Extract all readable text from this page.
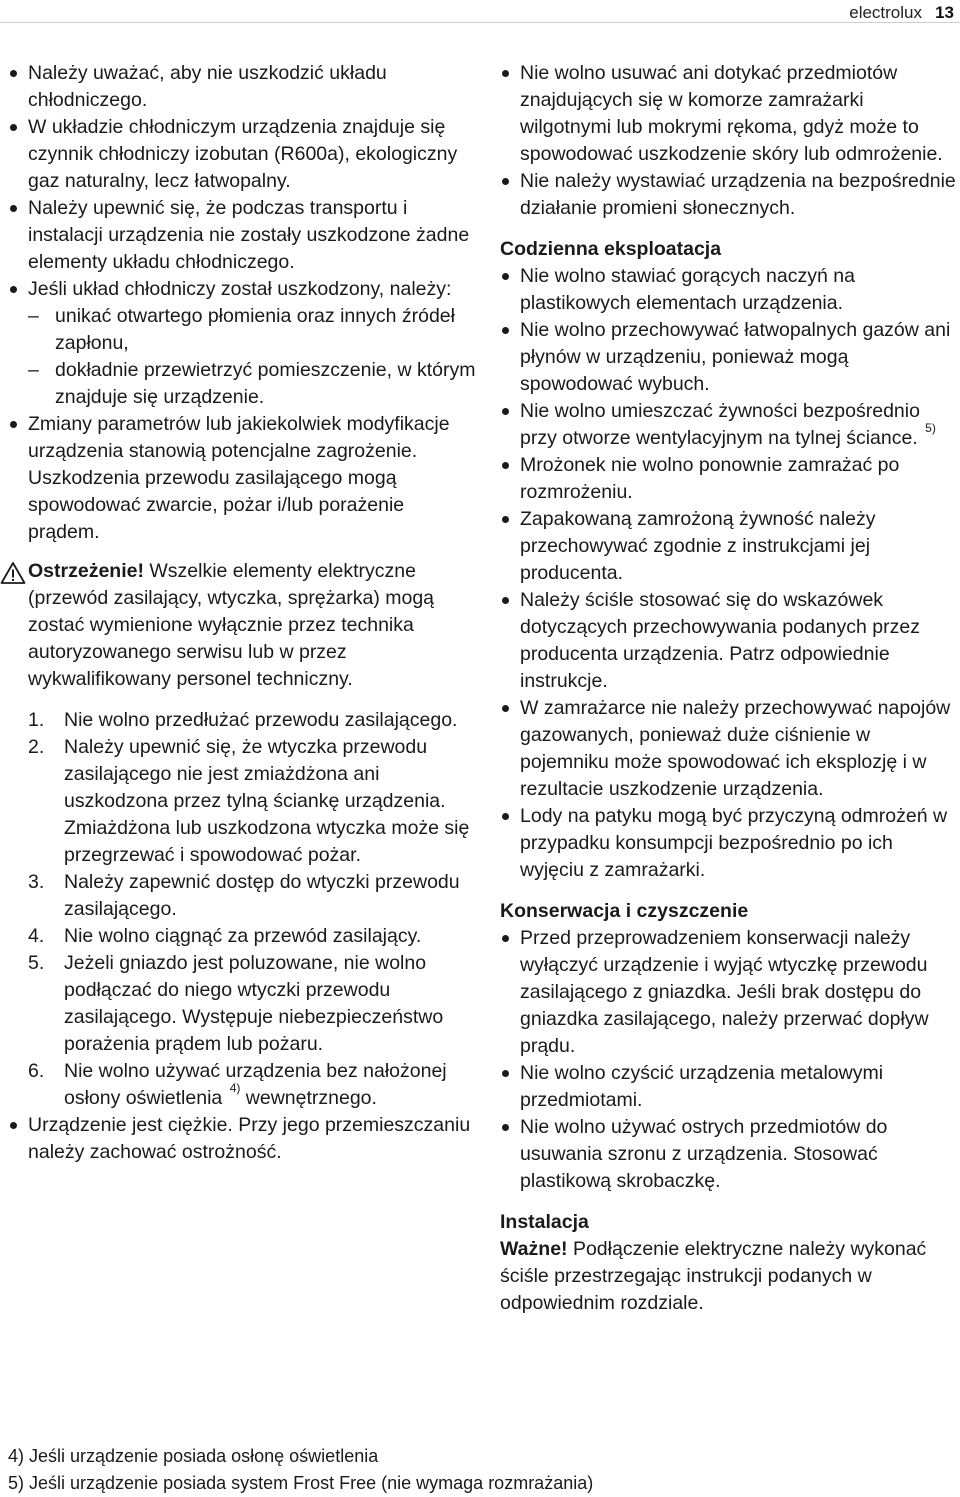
electrolux 13
Należy uważać, aby nie uszkodzić układu chłodniczego.
W układzie chłodniczym urządzenia znajduje się czynnik chłodniczy izobutan (R600a), ekologiczny gaz naturalny, lecz łatwopalny.
Należy upewnić się, że podczas transportu i instalacji urządzenia nie zostały uszkodzone żadne elementy układu chłodniczego.
Jeśli układ chłodniczy został uszkodzony, należy:
– unikać otwartego płomienia oraz innych źródeł zapłonu,
– dokładnie przewietrzyć pomieszczenie, w którym znajduje się urządzenie.
Zmiany parametrów lub jakiekolwiek modyfikacje urządzenia stanowią potencjalne zagrożenie. Uszkodzenia przewodu zasilającego mogą spowodować zwarcie, pożar i/lub porażenie prądem.

Ostrzeżenie! Wszelkie elementy elektryczne (przewód zasilający, wtyczka, sprężarka) mogą zostać wymienione wyłącznie przez technika autoryzowanego serwisu lub w przez wykwalifikowany personel techniczny.

1. Nie wolno przedłużać przewodu zasilającego.
2. Należy upewnić się, że wtyczka przewodu zasilającego nie jest zmiażdżona ani uszkodzona przez tylną ściankę urządzenia. Zmiażdżona lub uszkodzona wtyczka może się przegrzewać i spowodować pożar.
3. Należy zapewnić dostęp do wtyczki przewodu zasilającego.
4. Nie wolno ciągnąć za przewód zasilający.
5. Jeżeli gniazdo jest poluzowane, nie wolno podłączać do niego wtyczki przewodu zasilającego. Występuje niebezpieczeństwo porażenia prądem lub pożaru.
6. Nie wolno używać urządzenia bez nałożonej osłony oświetlenia $^{4)}$ wewnętrznego.
Urządzenie jest ciężkie. Przy jego przemieszczaniu należy zachować ostrożność.
Nie wolno usuwać ani dotykać przedmiotów znajdujących się w komorze zamrażarki wilgotnymi lub mokrymi rękoma, gdyż może to spowodować uszkodzenie skóry lub odmrożenie.
Nie należy wystawiać urządzenia na bezpośrednie działanie promieni słonecznych.
Codzienna eksploatacja
Nie wolno stawiać gorących naczyń na plastikowych elementach urządzenia.
Nie wolno przechowywać łatwopalnych gazów ani płynów w urządzeniu, ponieważ mogą spowodować wybuch.
Nie wolno umieszczać żywności bezpośrednio przy otworze wentylacyjnym na tylnej ściance. $^{5)}$
Mrożonek nie wolno ponownie zamrażać po rozmrożeniu.
Zapakowaną zamrożoną żywność należy przechowywać zgodnie z instrukcjami jej producenta.
Należy ściśle stosować się do wskazówek dotyczących przechowywania podanych przez producenta urządzenia. Patrz odpowiednie instrukcje.
W zamrażarce nie należy przechowywać napojów gazowanych, ponieważ duże ciśnienie w pojemniku może spowodować ich eksplozję i w rezultacie uszkodzenie urządzenia.
Lody na patyku mogą być przyczyną odmrożeń w przypadku konsumpcji bezpośrednio po ich wyjęciu z zamrażarki.
Konserwacja i czyszczenie
Przed przeprowadzeniem konserwacji należy wyłączyć urządzenie i wyjąć wtyczkę przewodu zasilającego z gniazdka. Jeśli brak dostępu do gniazdka zasilającego, należy przerwać dopływ prądu.
Nie wolno czyścić urządzenia metalowymi przedmiotami.
Nie wolno używać ostrych przedmiotów do usuwania szronu z urządzenia. Stosować plastikową skrobaczkę.
Instalacja

Ważne! Podłączenie elektryczne należy wykonać ściśle przestrzegając instrukcji podanych w odpowiednim rozdziale.

4) Jeśli urządzenie posiada osłonę oświetlenia
5) Jeśli urządzenie posiada system Frost Free (nie wymaga rozmrażania)
